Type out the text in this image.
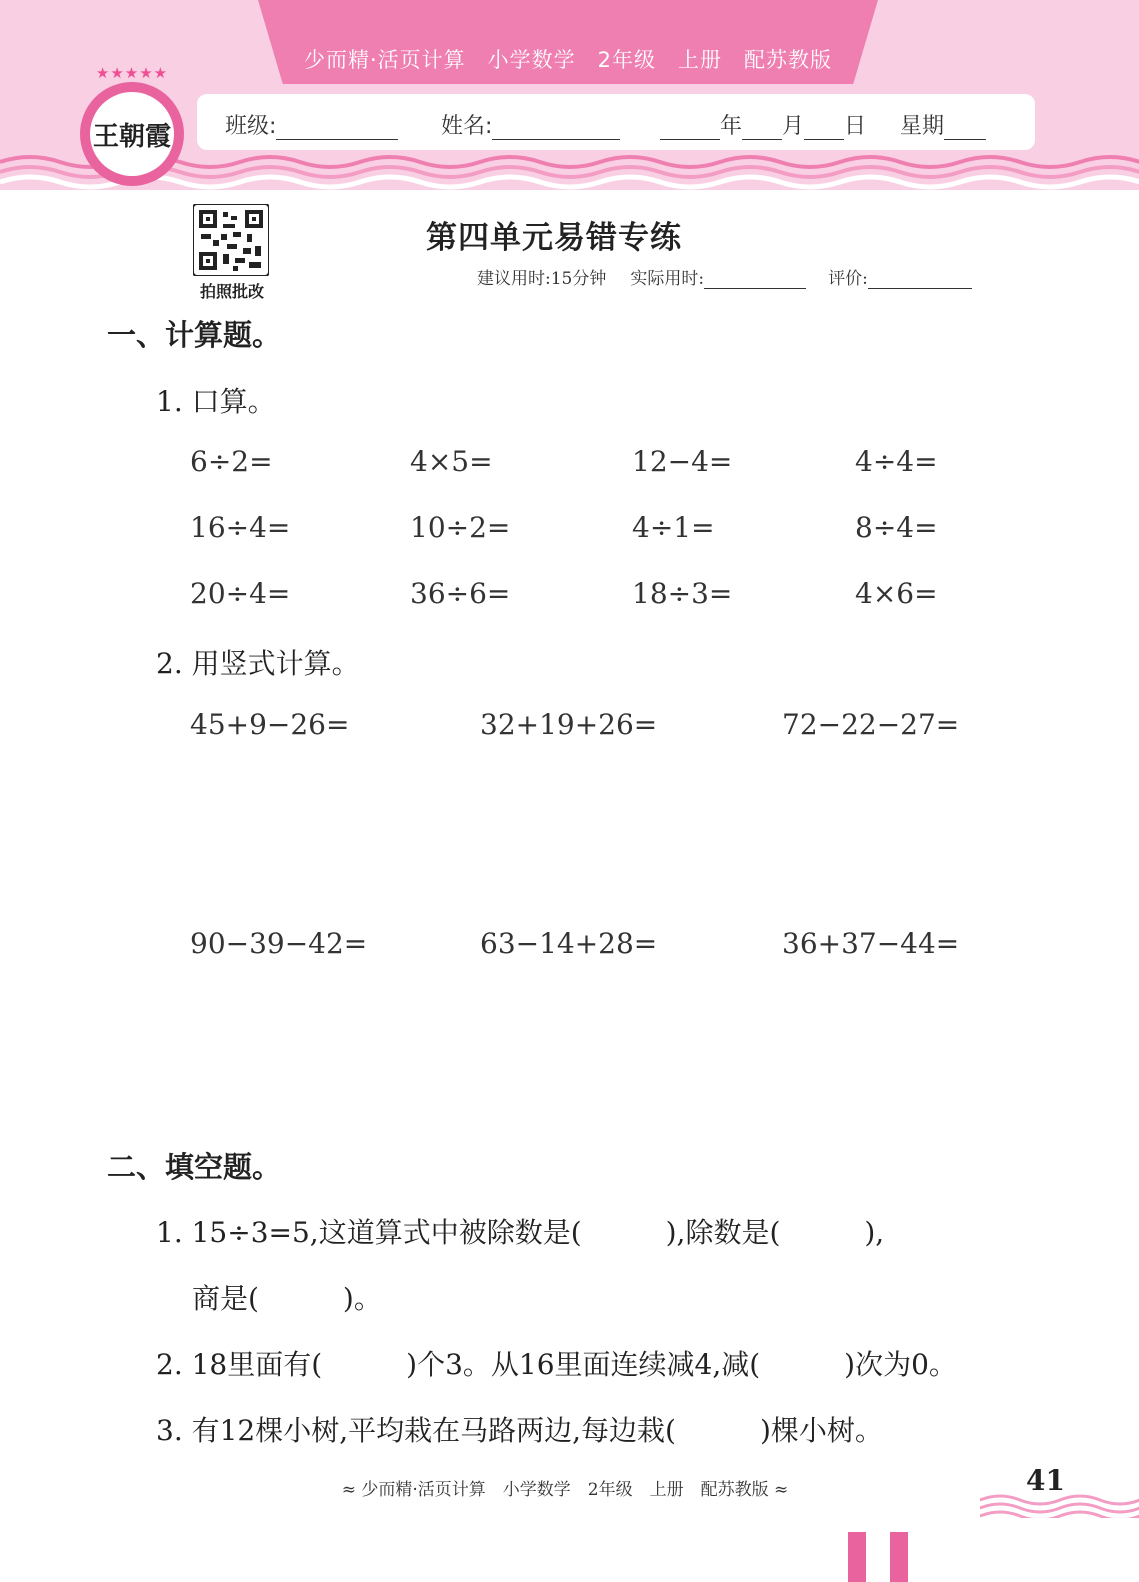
少而精·活页计算　小学数学　2年级　上册　配苏教版
班级:	姓名:	年 月 日 星期
★★★★★
王朝霞
拍照批改
第四单元易错专练
建议用时:15分钟 实际用时:	评价:
一、计算题。
1. 口算。
6÷2=	4×5=	12−4=	4÷4=
16÷4=	10÷2=	4÷1=	8÷4=
20÷4=	36÷6=	18÷3=	4×6=
2. 用竖式计算。
45+9−26=	32+19+26=	72−22−27=
90−39−42=	63−14+28=	36+37−44=
二、填空题。
1. 15÷3=5,这道算式中被除数是(　　　),除数是(　　　),
商是(　　　)。
2. 18里面有(　　　)个3。从16里面连续减4,减(　　　)次为0。
3. 有12棵小树,平均栽在马路两边,每边栽(　　　)棵小树。
≈ 少而精·活页计算　小学数学　2年级　上册　配苏教版 ≈	41
